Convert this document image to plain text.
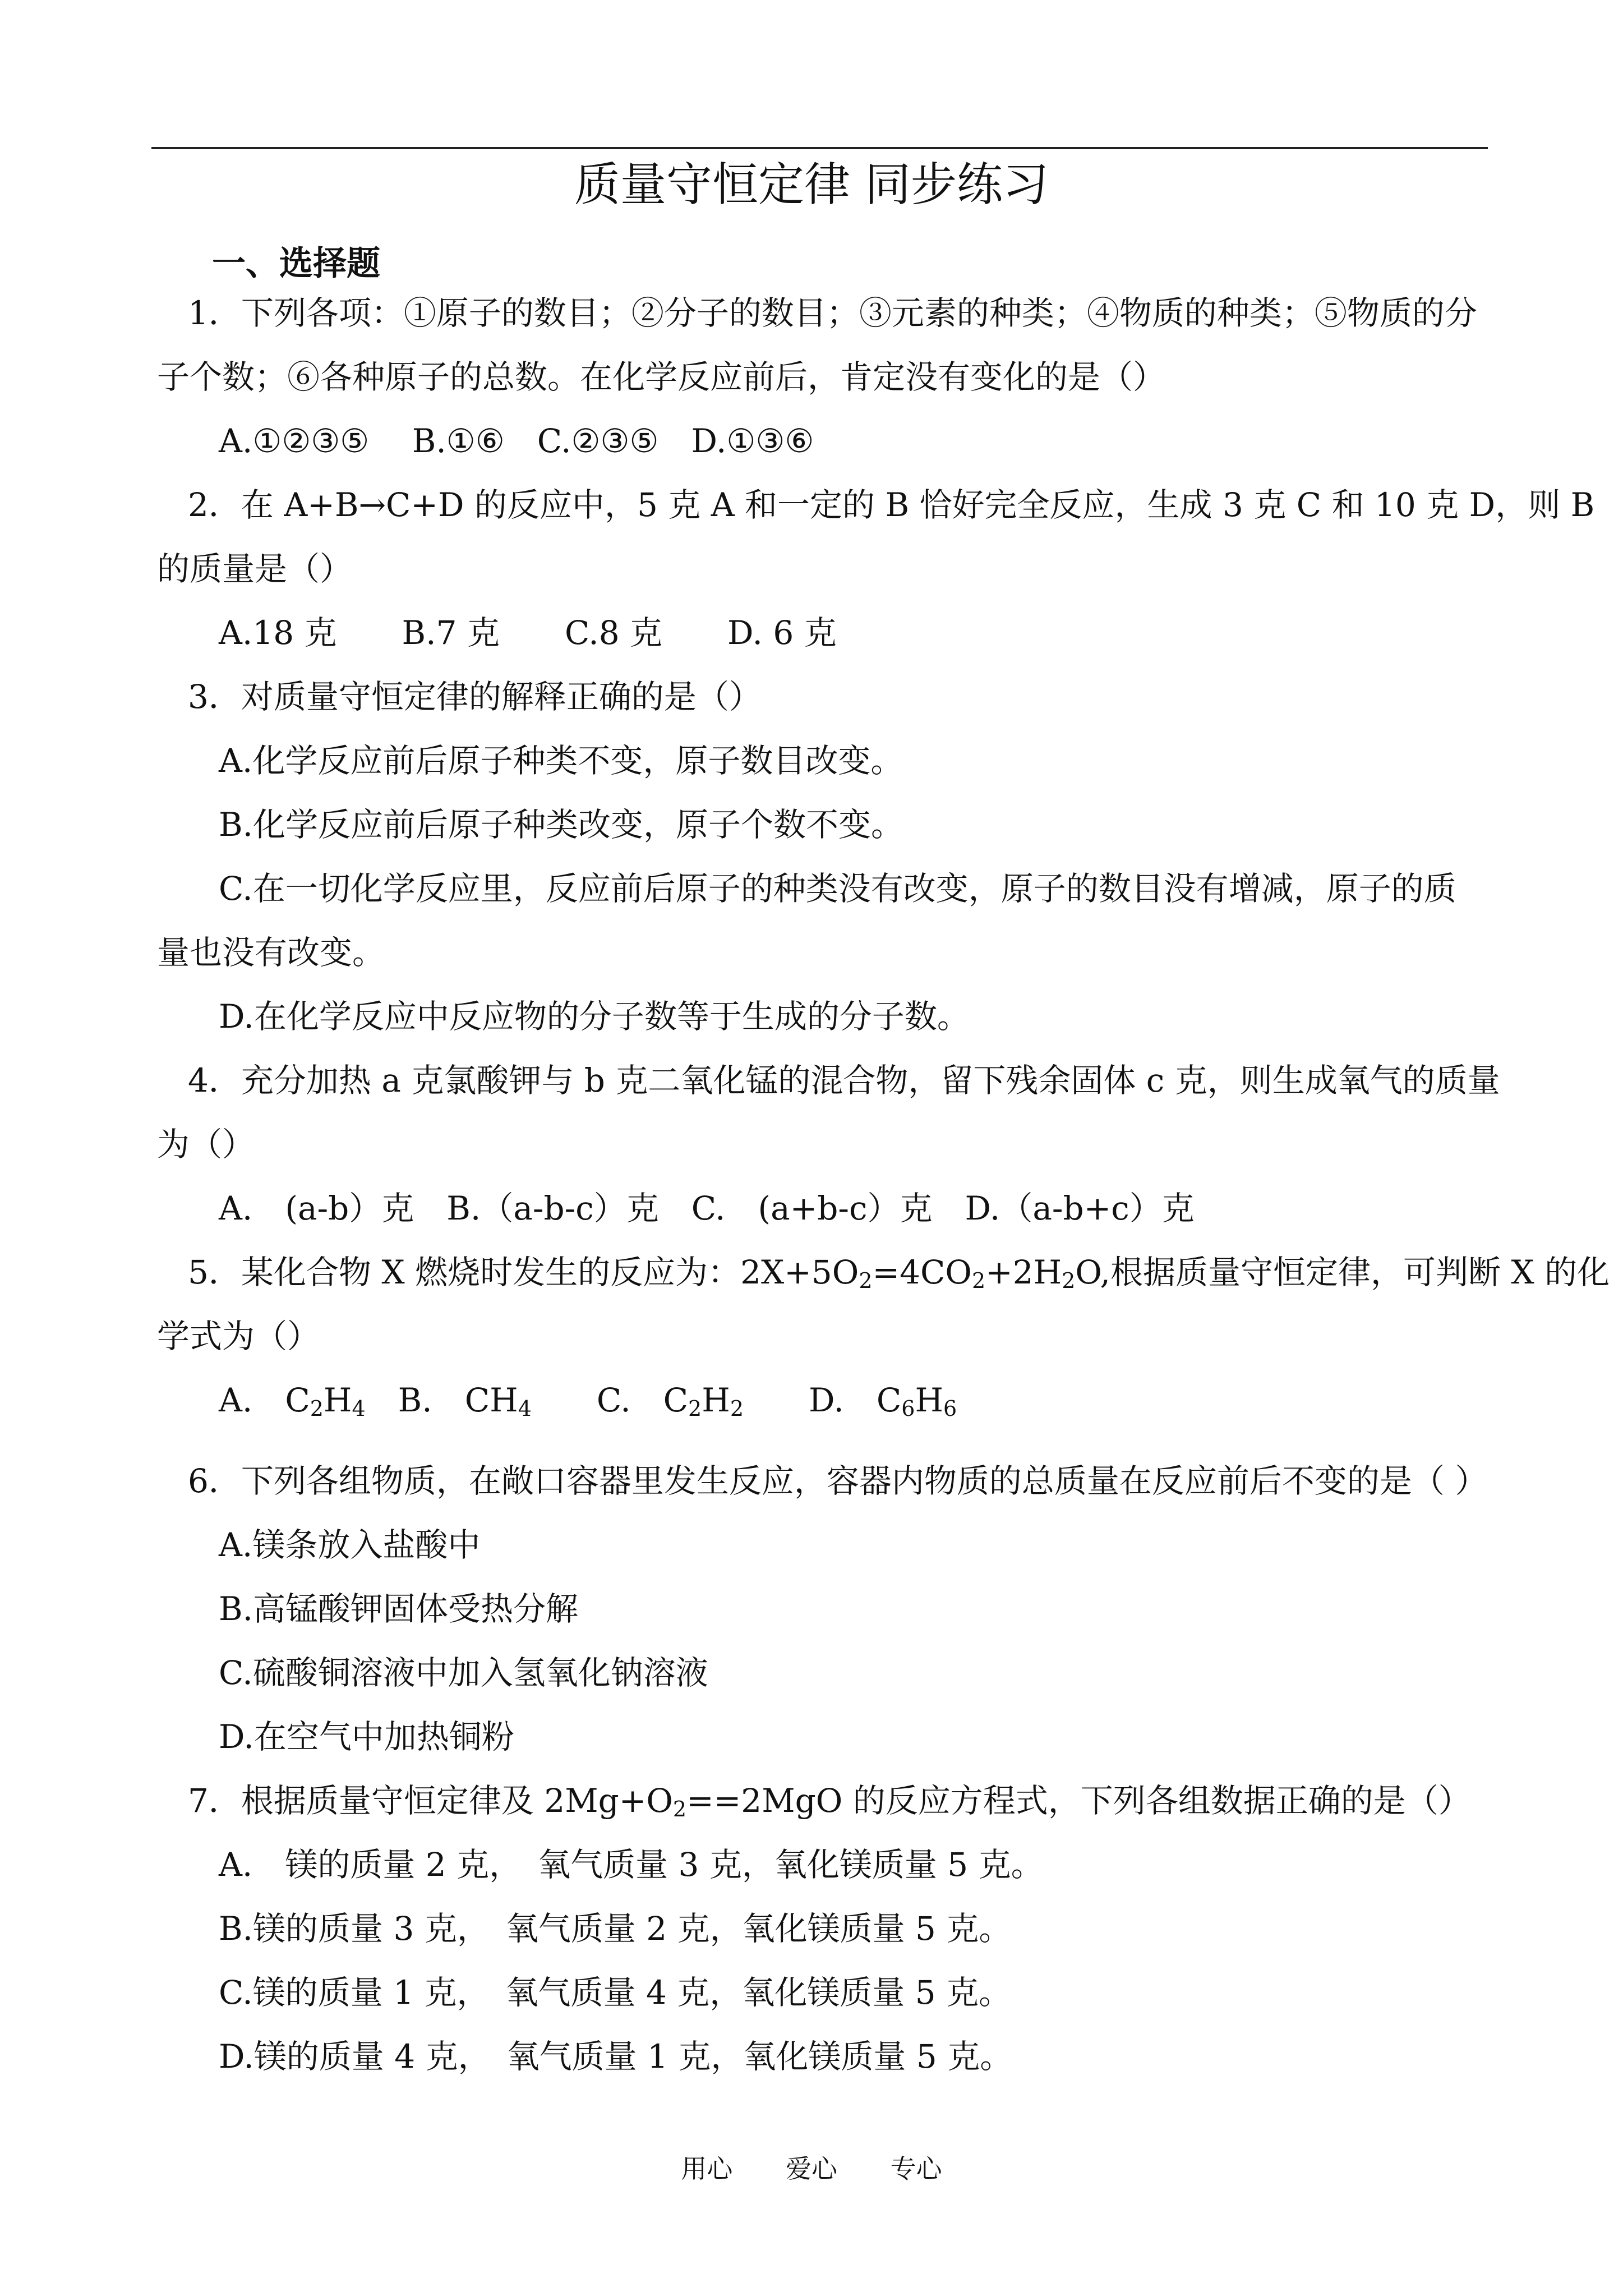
质量守恒定律 同步练习
一、选择题
1．下列各项：①原子的数目；②分子的数目；③元素的种类；④物质的种类；⑤物质的分
子个数；⑥各种原子的总数。在化学反应前后，肯定没有变化的是（）
A.①②③⑤　 B.①⑥　C.②③⑤　D.①③⑥
2．在 A+B→C+D 的反应中，5 克 A 和一定的 B 恰好完全反应，生成 3 克 C 和 10 克 D，则 B
的质量是（）
A.18 克　　B.7 克　　C.8 克　　D. 6 克
3．对质量守恒定律的解释正确的是（）
A.化学反应前后原子种类不变，原子数目改变。
B.化学反应前后原子种类改变，原子个数不变。
C.在一切化学反应里，反应前后原子的种类没有改变，原子的数目没有增减，原子的质
量也没有改变。
D.在化学反应中反应物的分子数等于生成的分子数。
4．充分加热 a 克氯酸钾与 b 克二氧化锰的混合物，留下残余固体 c 克，则生成氧气的质量
为（）
A.　(a-b）克　B.（a-b-c）克　C.　(a+b-c）克　D.（a-b+c）克
5．某化合物 X 燃烧时发生的反应为：$2X+5O_2=4CO_2+2H_2O$,根据质量守恒定律，可判断 X 的化
学式为（）
A.　$C_2H_4$　B.　$CH_4$　　C.　$C_2H_2$　　D.　$C_6H_6$
6．下列各组物质，在敞口容器里发生反应，容器内物质的总质量在反应前后不变的是（ ）
A.镁条放入盐酸中
B.高锰酸钾固体受热分解
C.硫酸铜溶液中加入氢氧化钠溶液
D.在空气中加热铜粉
7．根据质量守恒定律及 $2Mg+O_2==2MgO$ 的反应方程式，下列各组数据正确的是（）
A.　镁的质量 2 克，　氧气质量 3 克，氧化镁质量 5 克。
B.镁的质量 3 克，　氧气质量 2 克，氧化镁质量 5 克。
C.镁的质量 1 克，　氧气质量 4 克，氧化镁质量 5 克。
D.镁的质量 4 克，　氧气质量 1 克，氧化镁质量 5 克。
用心 爱心 专心
